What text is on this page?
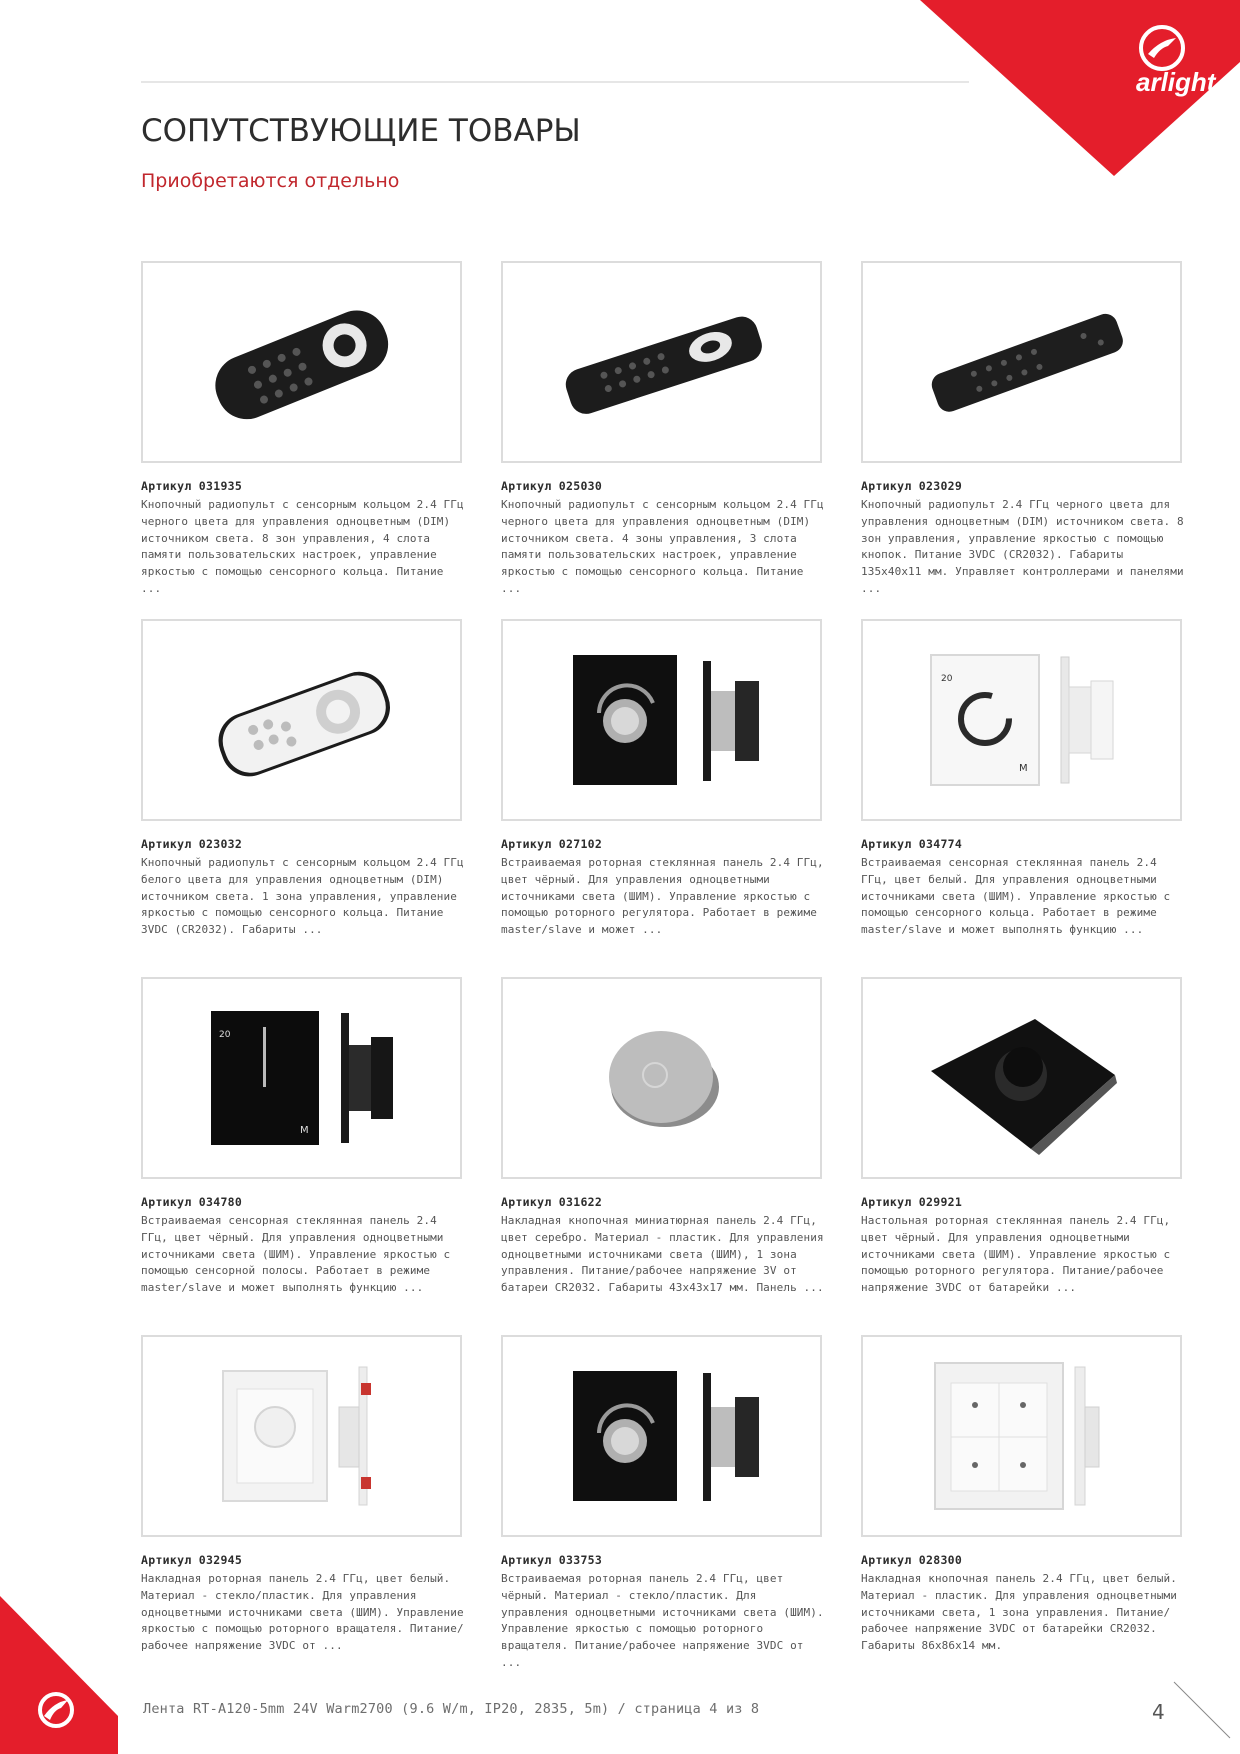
arlight
СОПУТСТВУЮЩИЕ ТОВАРЫ
Приобретаются отдельно
Артикул 031935
Кнопочный радиопульт с сенсорным кольцом 2.4 ГГц черного цвета для управления одноцветным (DIM) источником света. 8 зон управления, 4 слота памяти пользовательских настроек, управление яркостью с помощью сенсорного кольца. Питание ...
Артикул 025030
Кнопочный радиопульт с сенсорным кольцом 2.4 ГГц черного цвета для управления одноцветным (DIM) источником света. 4 зоны управления, 3 слота памяти пользовательских настроек, управление яркостью с помощью сенсорного кольца. Питание ...
Артикул 023029
Кнопочный радиопульт 2.4 ГГц черного цвета для управления одноцветным (DIM) источником света. 8 зон управления, управление яркостью с помощью кнопок. Питание 3VDC (CR2032). Габариты 135x40x11 мм. Управляет контроллерами и панелями ...
Артикул 023032
Кнопочный радиопульт с сенсорным кольцом 2.4 ГГц белого цвета для управления одноцветным (DIM) источником света. 1 зона управления, управление яркостью с помощью сенсорного кольца. Питание 3VDC (CR2032). Габариты ...
Артикул 027102
Встраиваемая роторная стеклянная панель 2.4 ГГц, цвет чёрный. Для управления одноцветными источниками света (ШИМ). Управление яркостью с помощью роторного регулятора. Работает в режиме master/slave и может ...
20
M
Артикул 034774
Встраиваемая сенсорная стеклянная панель 2.4 ГГц, цвет белый. Для управления одноцветными источниками света (ШИМ). Управление яркостью с помощью сенсорного кольца. Работает в режиме master/slave и может выполнять функцию ...
20
M
Артикул 034780
Встраиваемая сенсорная стеклянная панель 2.4 ГГц, цвет чёрный. Для управления одноцветными источниками света (ШИМ). Управление яркостью с помощью сенсорной полосы. Работает в режиме master/slave и может выполнять функцию ...
Артикул 031622
Накладная кнопочная миниатюрная панель 2.4 ГГц, цвет серебро. Материал - пластик. Для управления одноцветными источниками света (ШИМ), 1 зона управления. Питание/рабочее напряжение 3V от батареи CR2032. Габариты 43x43x17 мм. Панель ...
Артикул 029921
Настольная роторная стеклянная панель 2.4 ГГц, цвет чёрный. Для управления одноцветными источниками света (ШИМ). Управление яркостью с помощью роторного регулятора. Питание/рабочее напряжение 3VDC от батарейки ...
Артикул 032945
Накладная роторная панель 2.4 ГГц, цвет белый. Материал - стекло/пластик. Для управления одноцветными источниками света (ШИМ). Управление яркостью с помощью роторного вращателя. Питание/рабочее напряжение 3VDC от ...
Артикул 033753
Встраиваемая роторная панель 2.4 ГГц, цвет чёрный. Материал - стекло/пластик. Для управления одноцветными источниками света (ШИМ). Управление яркостью с помощью роторного вращателя. Питание/рабочее напряжение 3VDC от ...
Артикул 028300
Накладная кнопочная панель 2.4 ГГц, цвет белый. Материал - пластик. Для управления одноцветными источниками света, 1 зона управления. Питание/рабочее напряжение 3VDC от батарейки CR2032. Габариты 86x86x14 мм.
Лента RT-A120-5mm 24V Warm2700 (9.6 W/m, IP20, 2835, 5m) / страница 4 из 8	4
